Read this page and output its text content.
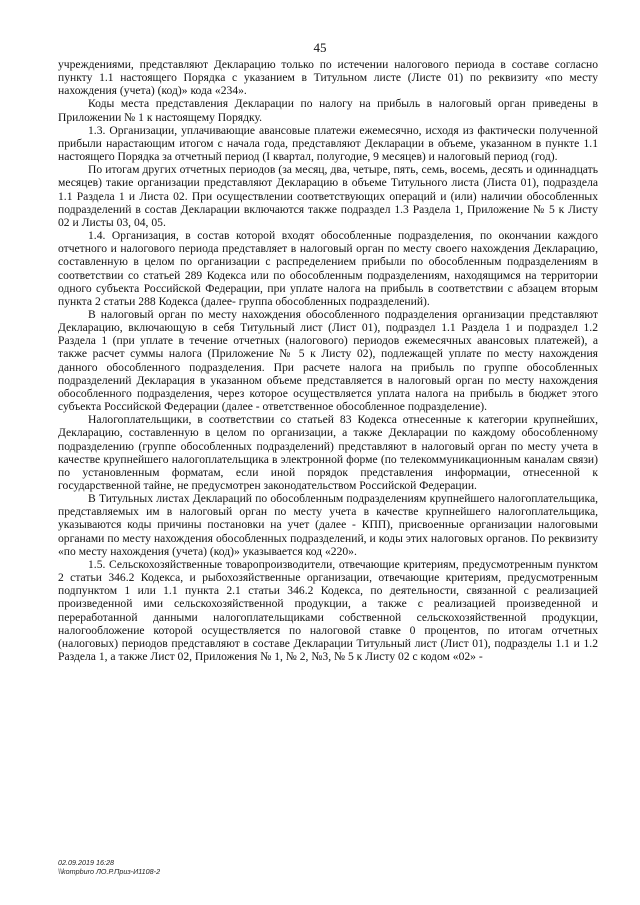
45

учреждениями, представляют Декларацию только по истечении налогового периода в составе согласно пункту 1.1 настоящего Порядка с указанием в Титульном листе (Листе 01) по реквизиту «по месту нахождения (учета) (код)» кода «234».

Коды места представления Декларации по налогу на прибыль в налоговый орган приведены в Приложении № 1 к настоящему Порядку.

1.3. Организации, уплачивающие авансовые платежи ежемесячно, исходя из фактически полученной прибыли нарастающим итогом с начала года, представляют Декларации в объеме, указанном в пункте 1.1 настоящего Порядка за отчетный период (I квартал, полугодие, 9 месяцев) и налоговый период (год).

По итогам других отчетных периодов (за месяц, два, четыре, пять, семь, восемь, десять и одиннадцать месяцев) такие организации представляют Декларацию в объеме Титульного листа (Листа 01), подраздела 1.1 Раздела 1 и Листа 02. При осуществлении соответствующих операций и (или) наличии обособленных подразделений в состав Декларации включаются также подраздел 1.3 Раздела 1, Приложение № 5 к Листу 02 и Листы 03, 04, 05.

1.4. Организация, в состав которой входят обособленные подразделения, по окончании каждого отчетного и налогового периода представляет в налоговый орган по месту своего нахождения Декларацию, составленную в целом по организации с распределением прибыли по обособленным подразделениям в соответствии со статьей 289 Кодекса или по обособленным подразделениям, находящимся на территории одного субъекта Российской Федерации, при уплате налога на прибыль в соответствии с абзацем вторым пункта 2 статьи 288 Кодекса (далее- группа обособленных подразделений).

В налоговый орган по месту нахождения обособленного подразделения организации представляют Декларацию, включающую в себя Титульный лист (Лист 01), подраздел 1.1 Раздела 1 и подраздел 1.2 Раздела 1 (при уплате в течение отчетных (налогового) периодов ежемесячных авансовых платежей), а также расчет суммы налога (Приложение № 5 к Листу 02), подлежащей уплате по месту нахождения данного обособленного подразделения. При расчете налога на прибыль по группе обособленных подразделений Декларация в указанном объеме представляется в налоговый орган по месту нахождения обособленного подразделения, через которое осуществляется уплата налога на прибыль в бюджет этого субъекта Российской Федерации (далее - ответственное обособленное подразделение).

Налогоплательщики, в соответствии со статьей 83 Кодекса отнесенные к категории крупнейших, Декларацию, составленную в целом по организации, а также Декларации по каждому обособленному подразделению (группе обособленных подразделений) представляют в налоговый орган по месту учета в качестве крупнейшего налогоплательщика в электронной форме (по телекоммуникационным каналам связи) по установленным форматам, если иной порядок представления информации, отнесенной к государственной тайне, не предусмотрен законодательством Российской Федерации.

В Титульных листах Деклараций по обособленным подразделениям крупнейшего налогоплательщика, представляемых им в налоговый орган по месту учета в качестве крупнейшего налогоплательщика, указываются коды причины постановки на учет (далее - КПП), присвоенные организации налоговыми органами по месту нахождения обособленных подразделений, и коды этих налоговых органов. По реквизиту «по месту нахождения (учета) (код)» указывается код «220».

1.5. Сельскохозяйственные товаропроизводители, отвечающие критериям, предусмотренным пунктом 2 статьи 346.2 Кодекса, и рыбохозяйственные организации, отвечающие критериям, предусмотренным подпунктом 1 или 1.1 пункта 2.1 статьи 346.2 Кодекса, по деятельности, связанной с реализацией произведенной ими сельскохозяйственной продукции, а также с реализацией произведенной и переработанной данными налогоплательщиками собственной сельскохозяйственной продукции, налогообложение которой осуществляется по налоговой ставке 0 процентов, по итогам отчетных (налоговых) периодов представляют в составе Декларации Титульный лист (Лист 01), подразделы 1.1 и 1.2 Раздела 1, а также Лист 02, Приложения № 1, № 2, №3, № 5 к Листу 02 с кодом «02» -

02.09.2019 16:28
\\kompburo ЛО.Р.Приз-И1108-2
